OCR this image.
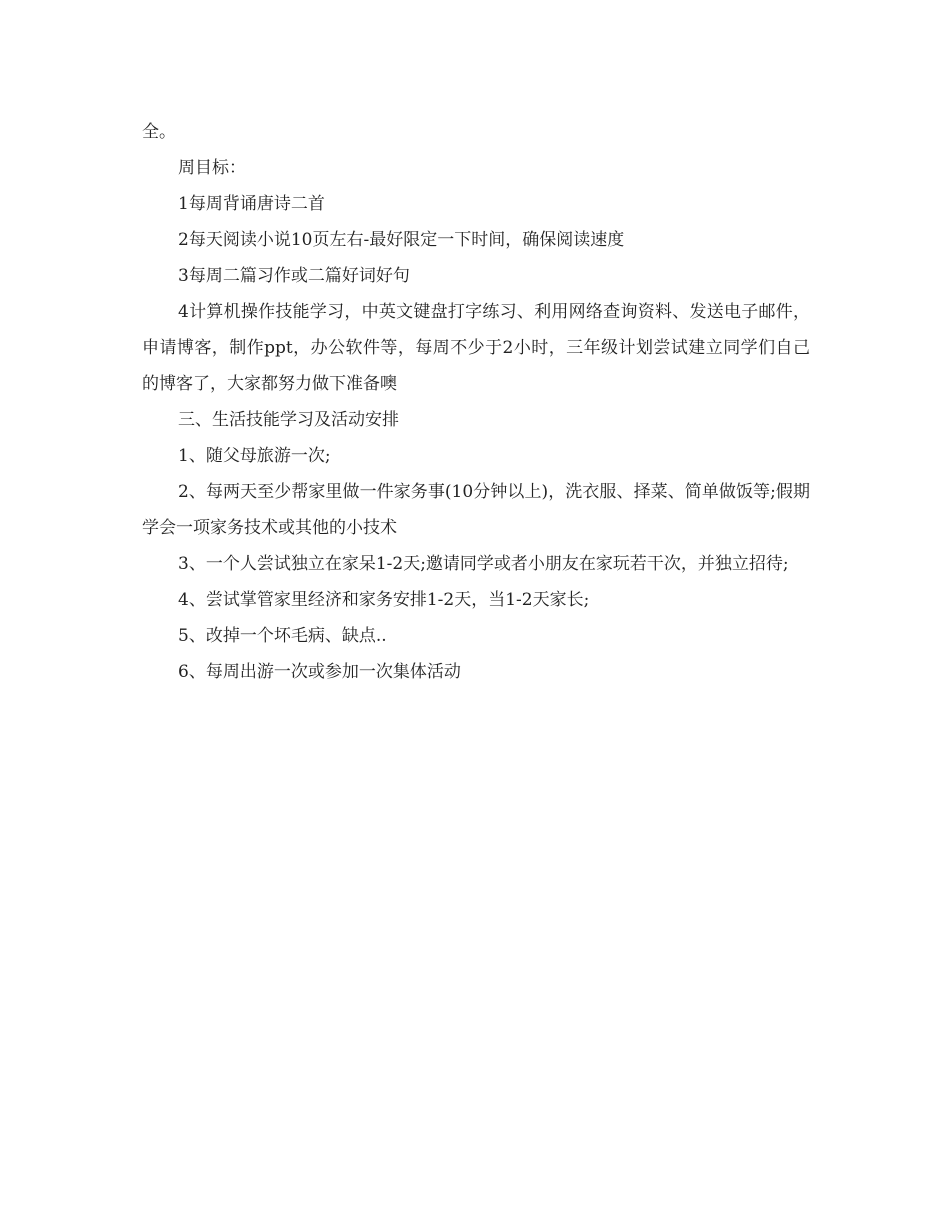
全。

周目标：

1每周背诵唐诗二首

2每天阅读小说10页左右-最好限定一下时间，确保阅读速度

3每周二篇习作或二篇好词好句

4计算机操作技能学习，中英文键盘打字练习、利用网络查询资料、发送电子邮件，申请博客，制作ppt，办公软件等，每周不少于2小时，三年级计划尝试建立同学们自己的博客了，大家都努力做下准备噢

三、生活技能学习及活动安排

1、随父母旅游一次;

2、每两天至少帮家里做一件家务事(10分钟以上)，洗衣服、择菜、简单做饭等;假期学会一项家务技术或其他的小技术

3、一个人尝试独立在家呆1-2天;邀请同学或者小朋友在家玩若干次，并独立招待;

4、尝试掌管家里经济和家务安排1-2天，当1-2天家长;

5、改掉一个坏毛病、缺点..

6、每周出游一次或参加一次集体活动
